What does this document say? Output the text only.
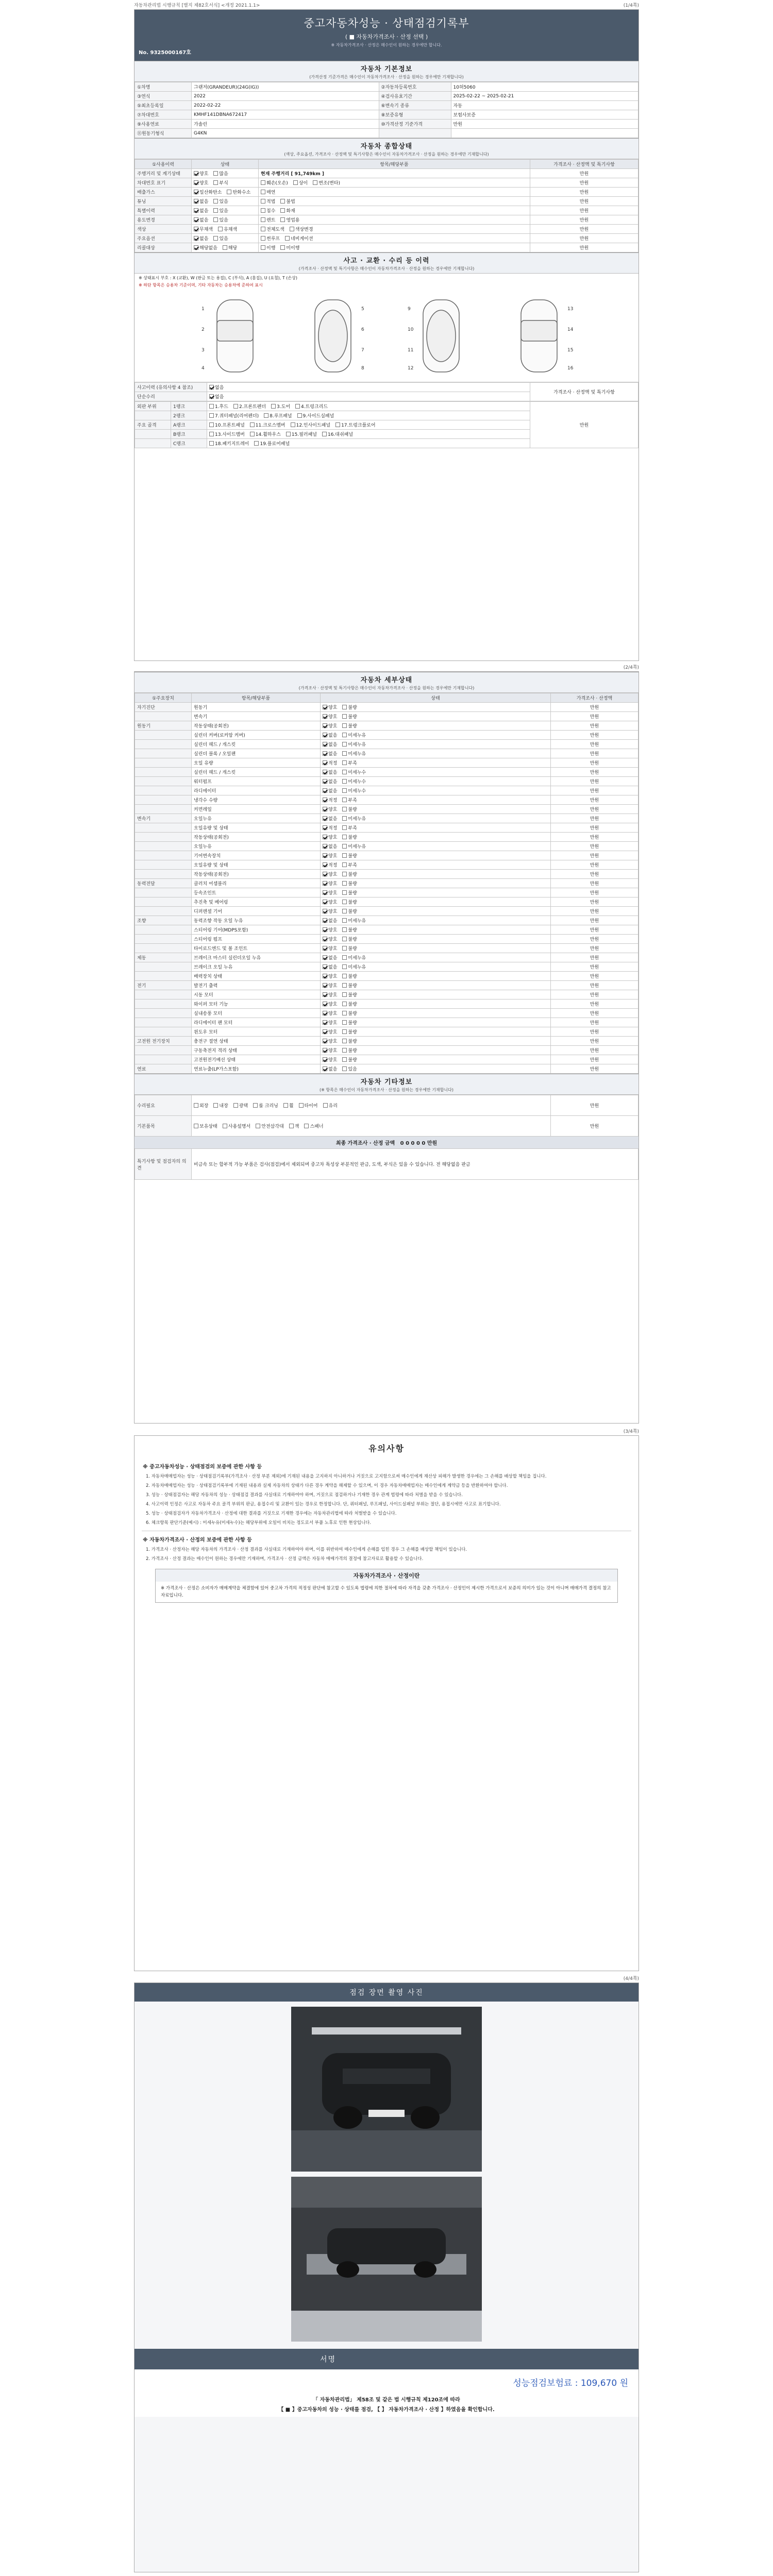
자동차관리법 시행규칙 [별지 제82호서식] <개정 2021.1.1>	(1/4쪽)
중고자동차성능 · 상태점검기록부
( ■ 자동차가격조사 · 산정 선택 )
※ 자동차가격조사 · 산정은 매수인이 원하는 경우에만 합니다.
No. 9325000167호
자동차 기본정보
(가격산정 기준가격은 매수인이 자동차가격조사 · 산정을 원하는 경우에만 기재합니다)
①차명	그랜저(GRANDEUR)(24G(IG))	②자동차등록번호	10허5060
③연식	2022	④검사유효기간	2025-02-22 ~ 2025-02-21
⑤최초등록일	2022-02-22	⑥변속기 종류	자동
⑦차대번호	KMHF141DBNA672417	⑧보증유형	보험사보증
⑨사용연료	가솔린	⑩가격산정 기준가격	만원
⑪원동기형식	G4KN		
자동차 종합상태
(색상, 주요옵션, 가격조사 · 산정액 및 특기사항은 매수인이 자동차가격조사 · 산정을 원하는 경우에만 기재합니다)
①사용이력	상태	항목/해당부품	가격조사 · 산정액 및 특기사항
주행거리 및 계기상태	양호 많음	현재 주행거리 [ 91,749km ]	만원
차대번호 표기	양호 부식	훼손(오손) 상이 변조(변타)	만원
배출가스	일산화탄소 탄화수소	매연	만원
튜닝	없음 있음	적법 불법	만원
특별이력	없음 있음	침수 화재	만원
용도변경	없음 있음	렌트 영업용	만원
색상	무채색 유채색	전체도색 색상변경	만원
주요옵션	없음 있음	썬루프 네비게이션	만원
리콜대상	해당없음 해당	이행 미이행	만원
사고 · 교환 · 수리 등 이력
(가격조사 · 산정액 및 특기사항은 매수인이 자동차가격조사 · 산정을 원하는 경우에만 기재합니다)
※ 상태표시 부호 : X (교환), W (판금 또는 용접), C (부식), A (흠집), U (요철), T (손상)
※ 하단 항목은 승용차 기준이며, 기타 자동차는 승용차에 준하여 표시
1
2
3
4
5
6
7
8
9
10
11
12
13
14
15
16
사고이력 (유의사항 4 참조)	없음	가격조사 · 산정액 및 특기사항
단순수리	없음	
외판 부위	1랭크	1.후드 2.프론트펜더 3.도어 4.트렁크리드	만원
	2랭크	7.쿼터패널(리어펜더) 8.루프패널 9.사이드실패널	
주요 골격	A랭크	10.프론트패널 11.크로스멤버 12.인사이드패널 17.트렁크플로어	
	B랭크	13.사이드멤버 14.휠하우스 15.필러패널 16.대쉬패널	
	C랭크	18.패키지트레이 19.플로어패널	
(2/4쪽)
자동차 세부상태
(가격조사 · 산정액 및 특기사항은 매수인이 자동차가격조사 · 산정을 원하는 경우에만 기재합니다)
①주요장치	항목/해당부품	상태	가격조사 · 산정액
자기진단	원동기	양호 불량	만원
	변속기	양호 불량	만원
원동기	작동상태(공회전)	양호 불량	만원
	실린더 커버(로커암 커버)	없음 미세누유	만원
	실린더 헤드 / 개스킷	없음 미세누유	만원
	실린더 블록 / 오일팬	없음 미세누유	만원
	오일 유량	적정 부족	만원
	실린더 헤드 / 개스킷	없음 미세누수	만원
	워터펌프	없음 미세누수	만원
	라디에이터	없음 미세누수	만원
	냉각수 수량	적정 부족	만원
	커먼레일	양호 불량	만원
변속기	오일누유	없음 미세누유	만원
	오일유량 및 상태	적정 부족	만원
	작동상태(공회전)	양호 불량	만원
	오일누유	없음 미세누유	만원
	기어변속장치	양호 불량	만원
	오일유량 및 상태	적정 부족	만원
	작동상태(공회전)	양호 불량	만원
동력전달	클러치 어셈블리	양호 불량	만원
	등속조인트	양호 불량	만원
	추진축 및 베어링	양호 불량	만원
	디퍼렌셜 기어	양호 불량	만원
조향	동력조향 작동 오일 누유	없음 미세누유	만원
	스티어링 기어(MDPS포함)	양호 불량	만원
	스티어링 펌프	양호 불량	만원
	타이로드엔드 및 볼 조인트	양호 불량	만원
제동	브레이크 마스터 실린더오일 누유	없음 미세누유	만원
	브레이크 오일 누유	없음 미세누유	만원
	배력장치 상태	양호 불량	만원
전기	발전기 출력	양호 불량	만원
	시동 모터	양호 불량	만원
	와이퍼 모터 기능	양호 불량	만원
	실내송풍 모터	양호 불량	만원
	라디에이터 팬 모터	양호 불량	만원
	윈도우 모터	양호 불량	만원
고전원 전기장치	충전구 절연 상태	양호 불량	만원
	구동축전지 격리 상태	양호 불량	만원
	고전원전기배선 상태	양호 불량	만원
연료	연료누출(LP가스포함)	없음 있음	만원
자동차 기타정보
(※ 항목은 매수인이 자동차가격조사 · 산정을 원하는 경우에만 기재합니다)
수리필요	외장 내장 광택 룸 크리닝 휠 타이어 유리	만원
기본품목	보유상태 사용설명서 안전삼각대 잭 스패너	만원
최종 가격조사 · 산정 금액 0 0 0 0 0 만원
특기사항 및 점검자의 의견	비금속 또는 합부적 가능 부품은 검사(점검)에서 제외되며 중고차 특성상 부분적인 판금, 도색, 부식은 있을 수 있습니다. 전 해당없음 판금
(3/4쪽)
유의사항
※ 중고자동차성능 · 상태점검의 보증에 관한 사항 등

1. 자동차매매업자는 성능 · 상태점검기록부(가격조사 · 산정 부분 제외)에 기재된 내용을 고지하지 아니하거나 거짓으로 고지함으로써 매수인에게 재산상 피해가 발생한 경우에는 그 손해를 배상할 책임을 집니다.

2. 자동차매매업자는 성능 · 상태점검기록부에 기재된 내용과 실제 자동차의 상태가 다른 경우 계약을 해제할 수 있으며, 이 경우 자동차매매업자는 매수인에게 계약금 등을 반환하여야 합니다.

3. 성능 · 상태점검자는 해당 자동차의 성능 · 상태점검 결과를 사실대로 기재하여야 하며, 거짓으로 점검하거나 기재한 경우 관계 법령에 따라 처벌을 받을 수 있습니다.

4. 사고이력 인정은 사고로 자동차 주요 골격 부위의 판금, 용접수리 및 교환이 있는 경우로 한정합니다. 단, 쿼터패널, 루프패널, 사이드실패널 부위는 절단, 용접시에만 사고로 표기합니다.

5. 성능 · 상태점검자가 자동차가격조사 · 산정에 대한 결과를 거짓으로 기재한 경우에는 자동차관리법에 따라 처벌받을 수 있습니다.

6. 체크항목 판단기준(예시) : 미세누유(미세누수)는 해당부위에 오일이 비치는 정도로서 부품 노후로 인한 현상입니다.

※ 자동차가격조사 · 산정의 보증에 관한 사항 등

1. 가격조사 · 산정자는 해당 자동차의 가격조사 · 산정 결과를 사실대로 기재하여야 하며, 이를 위반하여 매수인에게 손해를 입힌 경우 그 손해를 배상할 책임이 있습니다.

2. 가격조사 · 산정 결과는 매수인이 원하는 경우에만 기재하며, 가격조사 · 산정 금액은 자동차 매매가격의 결정에 참고자료로 활용할 수 있습니다.

자동차가격조사 · 산정이란
※ 가격조사 · 산정은 소비자가 매매계약을 체결함에 있어 중고차 가격의 적정성 판단에 참고할 수 있도록 법령에 의한 절차에 따라 자격을 갖춘 가격조사 · 산정인이 제시한 가격으로서 보증의 의미가 있는 것이 아니며 매매가격 결정의 참고자료입니다.
(4/4쪽)
점검 장면 촬영 사진
서명
성능점검보험료 : 109,670 원
「 자동차관리법」 제58조 및 같은 법 시행규칙 제120조에 따라
【 ■ 】중고자동차의 성능 · 상태를 점검, 【 】 자동차가격조사 · 산정 】하였음을 확인합니다.
